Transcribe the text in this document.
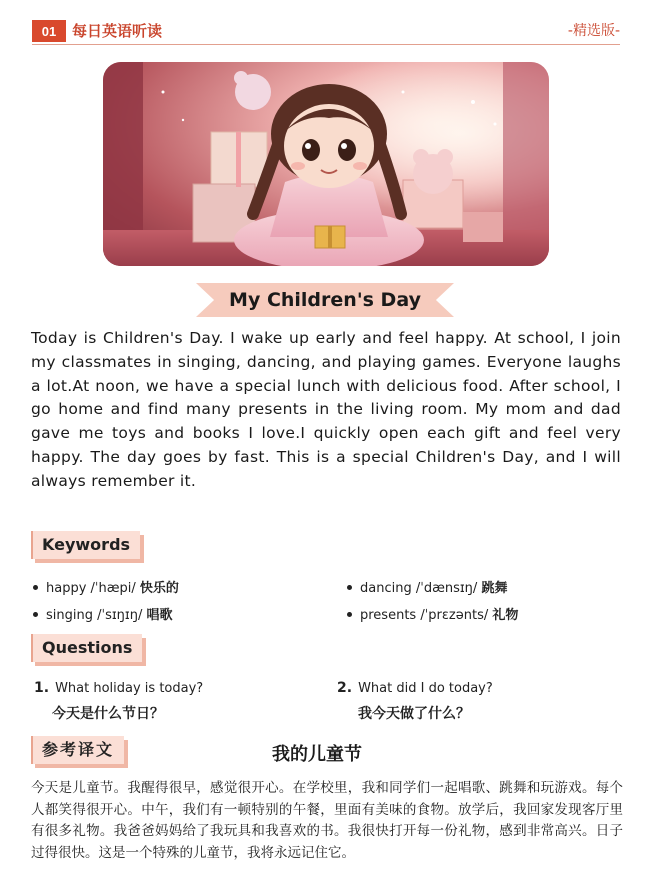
01	每日英语听读	-精选版-
My Children's Day

Today is Children's Day. I wake up early and feel happy. At school, I join my classmates in singing, dancing, and playing games. Everyone laughs a lot.At noon, we have a special lunch with delicious food. After school, I go home and find many presents in the living room. My mom and dad gave me toys and books I love.I quickly open each gift and feel very happy. The day goes by fast. This is a special Children's Day, and I will always remember it.

Keywords
happy /ˈhæpi/ 快乐的	dancing /ˈdænsɪŋ/ 跳舞
singing /ˈsɪŋɪŋ/ 唱歌	presents /ˈprɛzənts/ 礼物
Questions
1. What holiday is today?
今天是什么节日？
2. What did I do today?
我今天做了什么？
参考译文	我的儿童节

今天是儿童节。我醒得很早，感觉很开心。在学校里，我和同学们一起唱歌、跳舞和玩游戏。每个人都笑得很开心。中午，我们有一顿特别的午餐，里面有美味的食物。放学后，我回家发现客厅里有很多礼物。我爸爸妈妈给了我玩具和我喜欢的书。我很快打开每一份礼物，感到非常高兴。日子过得很快。这是一个特殊的儿童节，我将永远记住它。
